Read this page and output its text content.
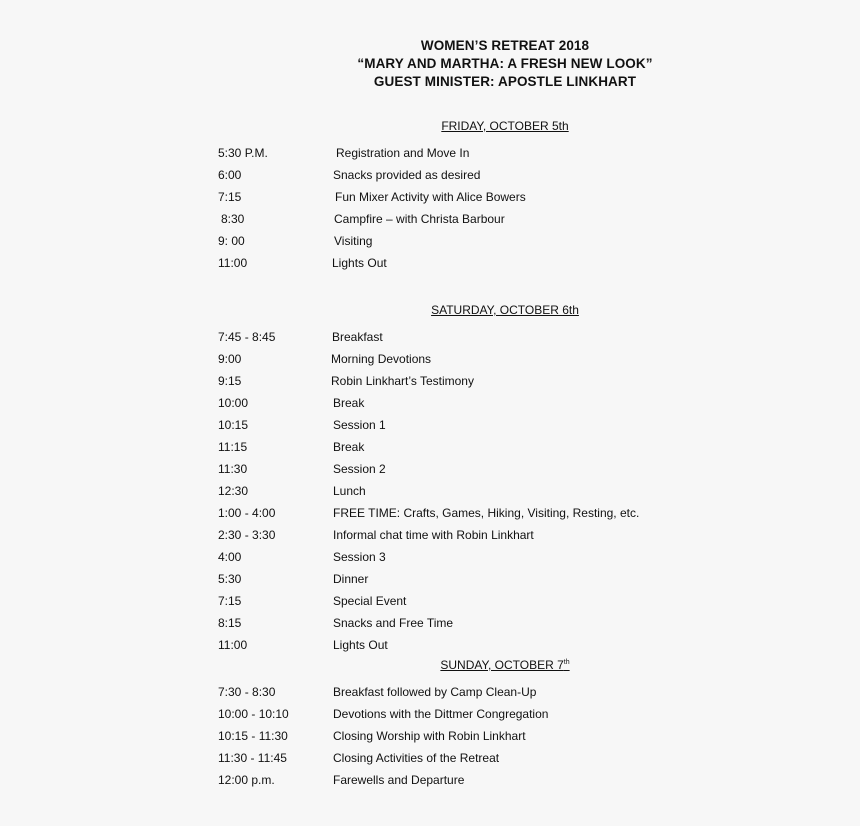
WOMEN’S RETREAT 2018
“MARY AND MARTHA: A FRESH NEW LOOK”
GUEST MINISTER: APOSTLE LINKHART
FRIDAY, OCTOBER 5th
5:30 P.M.	Registration and Move In
6:00	Snacks provided as desired
7:15	Fun Mixer Activity with Alice Bowers
8:30	Campfire – with Christa Barbour
9: 00	Visiting
11:00	Lights Out
SATURDAY, OCTOBER 6th
7:45 - 8:45	Breakfast
9:00	Morning Devotions
9:15	Robin Linkhart’s Testimony
10:00	Break
10:15	Session 1
11:15	Break
11:30	Session 2
12:30	Lunch
1:00 - 4:00	FREE TIME: Crafts, Games, Hiking, Visiting, Resting, etc.
2:30 - 3:30	Informal chat time with Robin Linkhart
4:00	Session 3
5:30	Dinner
7:15	Special Event
8:15	Snacks and Free Time
11:00	Lights Out
SUNDAY, OCTOBER 7th
7:30 - 8:30	Breakfast followed by Camp Clean-Up
10:00 - 10:10	Devotions with the Dittmer Congregation
10:15 - 11:30	Closing Worship with Robin Linkhart
11:30 - 11:45	Closing Activities of the Retreat
12:00 p.m.	Farewells and Departure
